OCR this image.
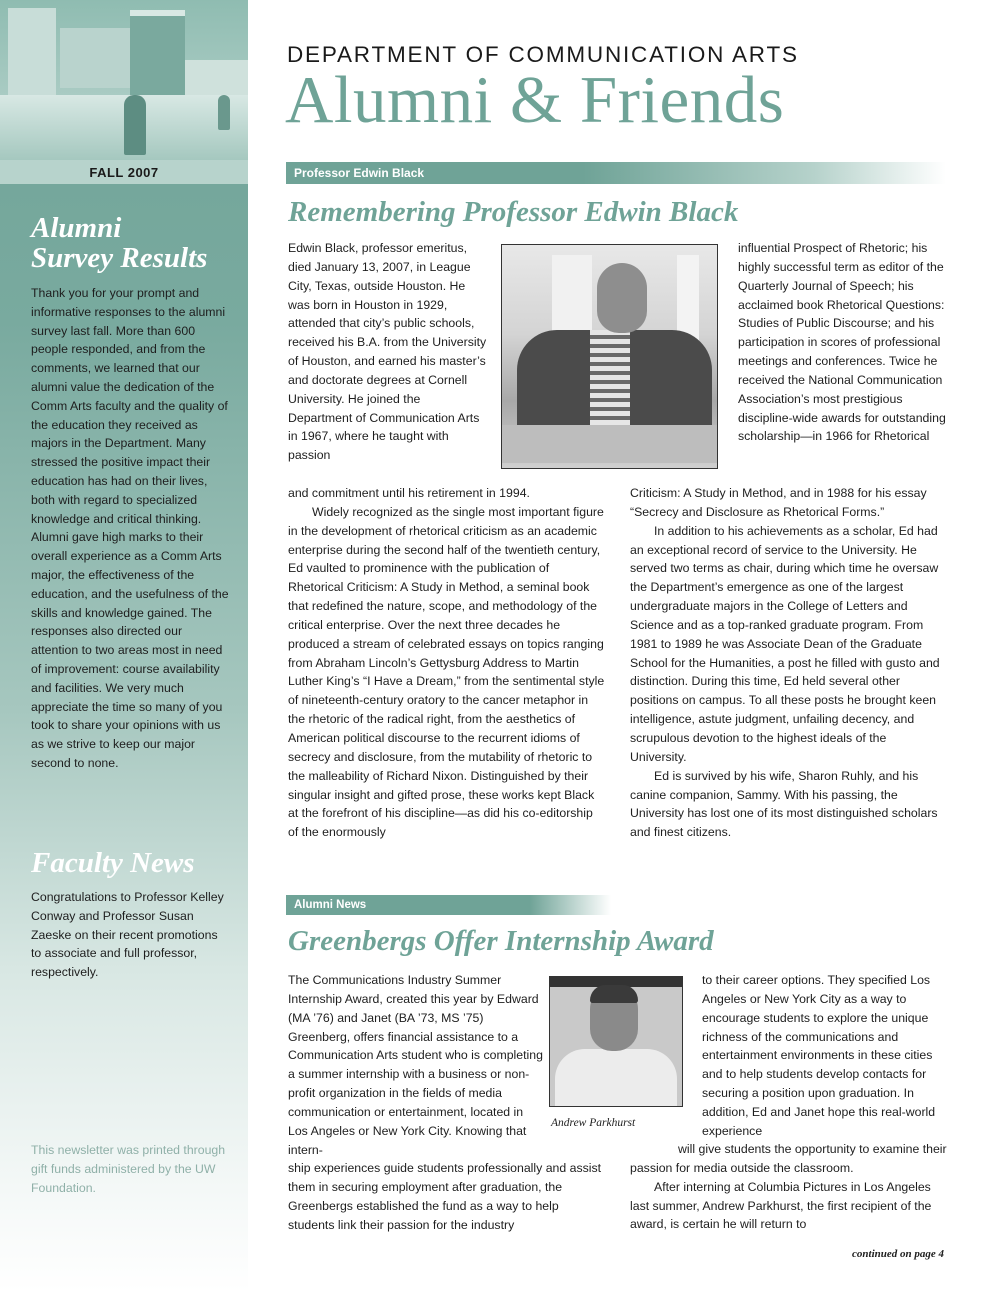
FALL 2007
Alumni
Survey Results
Thank you for your prompt and informative responses to the alumni survey last fall. More than 600 people responded, and from the comments, we learned that our alumni value the dedication of the Comm Arts faculty and the quality of the education they received as majors in the Department. Many stressed the positive impact their education has had on their lives, both with regard to specialized knowledge and critical thinking. Alumni gave high marks to their overall experience as a Comm Arts major, the effectiveness of the education, and the usefulness of the skills and knowledge gained. The responses also directed our attention to two areas most in need of improvement: course availability and facilities. We very much appreciate the time so many of you took to share your opinions with us as we strive to keep our major second to none.
Faculty News
Congratulations to Professor Kelley Conway and Professor Susan Zaeske on their recent promotions to associate and full professor, respectively.
This newsletter was printed through gift funds administered by the UW Foundation.
DEPARTMENT OF COMMUNICATION ARTS
Alumni & Friends
Professor Edwin Black
Remembering Professor Edwin Black
Edwin Black, professor emeritus, died January 13, 2007, in League City, Texas, outside Houston. He was born in Houston in 1929, attended that city’s public schools, received his B.A. from the University of Houston, and earned his master’s and doctorate degrees at Cornell University. He joined the Department of Communication Arts in 1967, where he taught with passion

and commitment until his retirement in 1994.

Widely recognized as the single most important figure in the development of rhetorical criticism as an academic enterprise during the second half of the twentieth century, Ed vaulted to prominence with the publication of Rhetorical Criticism: A Study in Method, a seminal book that redefined the nature, scope, and methodology of the critical enterprise. Over the next three decades he produced a stream of celebrated essays on topics ranging from Abraham Lincoln’s Gettysburg Address to Martin Luther King’s “I Have a Dream,” from the sentimental style of nineteenth-century oratory to the cancer metaphor in the rhetoric of the radical right, from the aesthetics of American political discourse to the recurrent idioms of secrecy and disclosure, from the mutability of rhetoric to the malleability of Richard Nixon. Distinguished by their singular insight and gifted prose, these works kept Black at the forefront of his discipline—as did his co-editorship of the enormously

influential Prospect of Rhetoric; his highly successful term as editor of the Quarterly Journal of Speech; his acclaimed book Rhetorical Questions: Studies of Public Discourse; and his participation in scores of professional meetings and conferences. Twice he received the National Communication Association’s most prestigious discipline-wide awards for outstanding scholarship—in 1966 for Rhetorical

Criticism: A Study in Method, and in 1988 for his essay “Secrecy and Disclosure as Rhetorical Forms.”

In addition to his achievements as a scholar, Ed had an exceptional record of service to the University. He served two terms as chair, during which time he oversaw the Department’s emergence as one of the largest undergraduate majors in the College of Letters and Science and as a top-ranked graduate program. From 1981 to 1989 he was Associate Dean of the Graduate School for the Humanities, a post he filled with gusto and distinction. During this time, Ed held several other positions on campus. To all these posts he brought keen intelligence, astute judgment, unfailing decency, and scrupulous devotion to the highest ideals of the University.

Ed is survived by his wife, Sharon Ruhly, and his canine companion, Sammy. With his passing, the University has lost one of its most distinguished scholars and finest citizens.

Alumni News
Greenbergs Offer Internship Award
The Communications Industry Summer Internship Award, created this year by Edward (MA ’76) and Janet (BA ’73, MS ’75) Greenberg, offers financial assistance to a Communication Arts student who is completing a summer internship with a business or non-profit organization in the fields of media communication or entertainment, located in Los Angeles or New York City. Knowing that intern-
ship experiences guide students professionally and assist them in securing employment after graduation, the Greenbergs established the fund as a way to help students link their passion for the industry
Andrew Parkhurst
to their career options. They specified Los Angeles or New York City as a way to encourage students to explore the unique richness of the communications and entertainment environments in these cities and to help students develop contacts for securing a position upon graduation. In addition, Ed and Janet hope this real-world experience

will give students the opportunity to examine their passion for media outside the classroom.

After interning at Columbia Pictures in Los Angeles last summer, Andrew Parkhurst, the first recipient of the award, is certain he will return to

continued on page 4
